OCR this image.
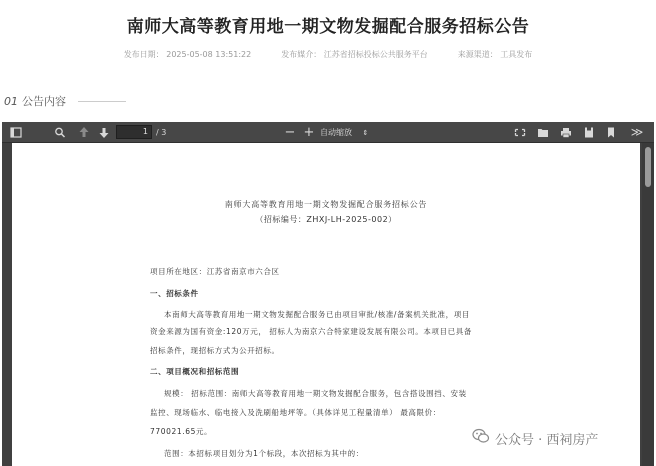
南师大高等教育用地一期文物发掘配合服务招标公告
发布日期： 2025-05-08 13:51:22	发布媒介： 江苏省招标投标公共服务平台	来源渠道： 工具发布
01 公告内容
1	/ 3	− + 自动缩放 ⇕	≫
南师大高等教育用地一期文物发掘配合服务招标公告
（招标编号：ZHXJ-LH-2025-002）
项目所在地区：江苏省南京市六合区
一、招标条件
本南师大高等教育用地一期文物发掘配合服务已由项目审批/核准/备案机关批准，项目
资金来源为国有资金:120万元， 招标人为南京六合特家建设发展有限公司。本项目已具备
招标条件，现招标方式为公开招标。
二、项目概况和招标范围
规模： 招标范围：南师大高等教育用地一期文物发掘配合服务，包含搭设围挡、安装
监控、现场临水、临电接入及洗刷船地坪等。（具体详见工程量清单） 最高限价：
770021.65元。
范围：本招标项目划分为1个标段，本次招标为其中的：
公众号 · 西祠房产
